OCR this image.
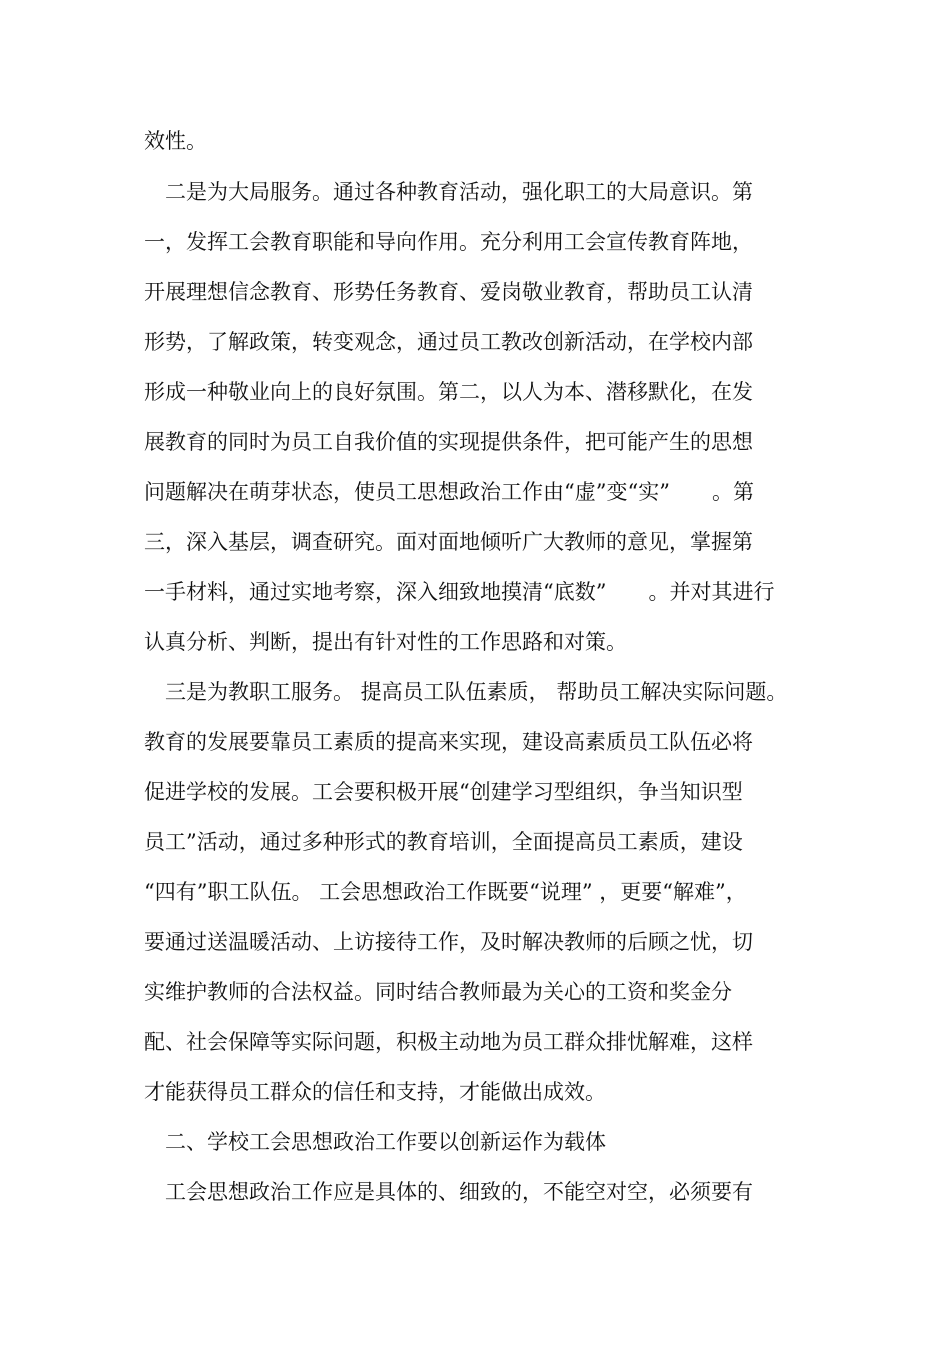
效性。
　二是为大局服务。通过各种教育活动，强化职工的大局意识。第
一，发挥工会教育职能和导向作用。充分利用工会宣传教育阵地，
开展理想信念教育、形势任务教育、爱岗敬业教育，帮助员工认清
形势，了解政策，转变观念，通过员工教改创新活动，在学校内部
形成一种敬业向上的良好氛围。第二，以人为本、潜移默化，在发
展教育的同时为员工自我价值的实现提供条件，把可能产生的思想
问题解决在萌芽状态，使员工思想政治工作由“虚”变“实”　　。第
三，深入基层，调查研究。面对面地倾听广大教师的意见，掌握第
一手材料，通过实地考察，深入细致地摸清“底数”　　。并对其进行
认真分析、判断，提出有针对性的工作思路和对策。
　三是为教职工服务。 提高员工队伍素质， 帮助员工解决实际问题。
教育的发展要靠员工素质的提高来实现，建设高素质员工队伍必将
促进学校的发展。工会要积极开展“创建学习型组织，争当知识型
员工”活动，通过多种形式的教育培训，全面提高员工素质，建设
“四有”职工队伍。 工会思想政治工作既要“说理” ，更要“解难”，
要通过送温暖活动、上访接待工作，及时解决教师的后顾之忧，切
实维护教师的合法权益。同时结合教师最为关心的工资和奖金分
配、社会保障等实际问题，积极主动地为员工群众排忧解难，这样
才能获得员工群众的信任和支持，才能做出成效。
　二、学校工会思想政治工作要以创新运作为载体
　工会思想政治工作应是具体的、细致的，不能空对空，必须要有
